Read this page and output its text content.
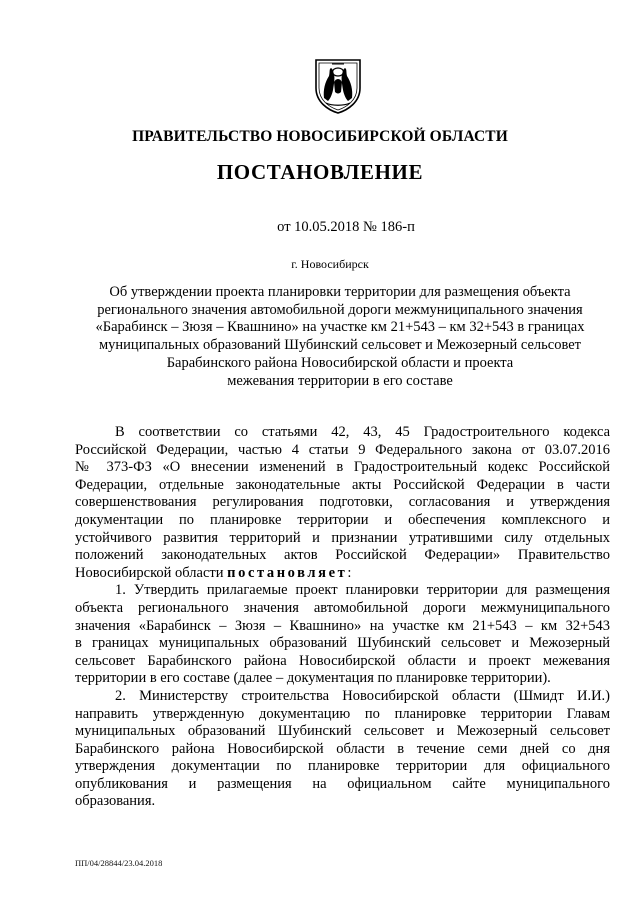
ПРАВИТЕЛЬСТВО НОВОСИБИРСКОЙ ОБЛАСТИ
ПОСТАНОВЛЕНИЕ
от 10.05.2018 № 186-п
г. Новосибирск
Об утверждении проекта планировки территории для размещения объекта
регионального значения автомобильной дороги межмуниципального значения
«Барабинск – Зюзя – Квашнино» на участке км 21+543 – км 32+543 в границах
муниципальных образований Шубинский сельсовет и Межозерный сельсовет
Барабинского района Новосибирской области и проекта
межевания территории в его составе
В соответствии со статьями 42, 43, 45 Градостроительного кодекса
Российской Федерации, частью 4 статьи 9 Федерального закона от 03.07.2016
№ 373-ФЗ «О внесении изменений в Градостроительный кодекс Российской
Федерации, отдельные законодательные акты Российской Федерации в части
совершенствования регулирования подготовки, согласования и утверждения
документации по планировке территории и обеспечения комплексного и
устойчивого развития территорий и признании утратившими силу отдельных
положений законодательных актов Российской Федерации» Правительство
Новосибирской области постановляет:
1. Утвердить прилагаемые проект планировки территории для размещения
объекта регионального значения автомобильной дороги межмуниципального
значения «Барабинск – Зюзя – Квашнино» на участке км 21+543 – км 32+543
в границах муниципальных образований Шубинский сельсовет и Межозерный
сельсовет Барабинского района Новосибирской области и проект межевания
территории в его составе (далее – документация по планировке территории).
2. Министерству строительства Новосибирской области (Шмидт И.И.)
направить утвержденную документацию по планировке территории Главам
муниципальных образований Шубинский сельсовет и Межозерный сельсовет
Барабинского района Новосибирской области в течение семи дней со дня
утверждения документации по планировке территории для официального
опубликования и размещения на официальном сайте муниципального
образования.
ПП/04/28844/23.04.2018
